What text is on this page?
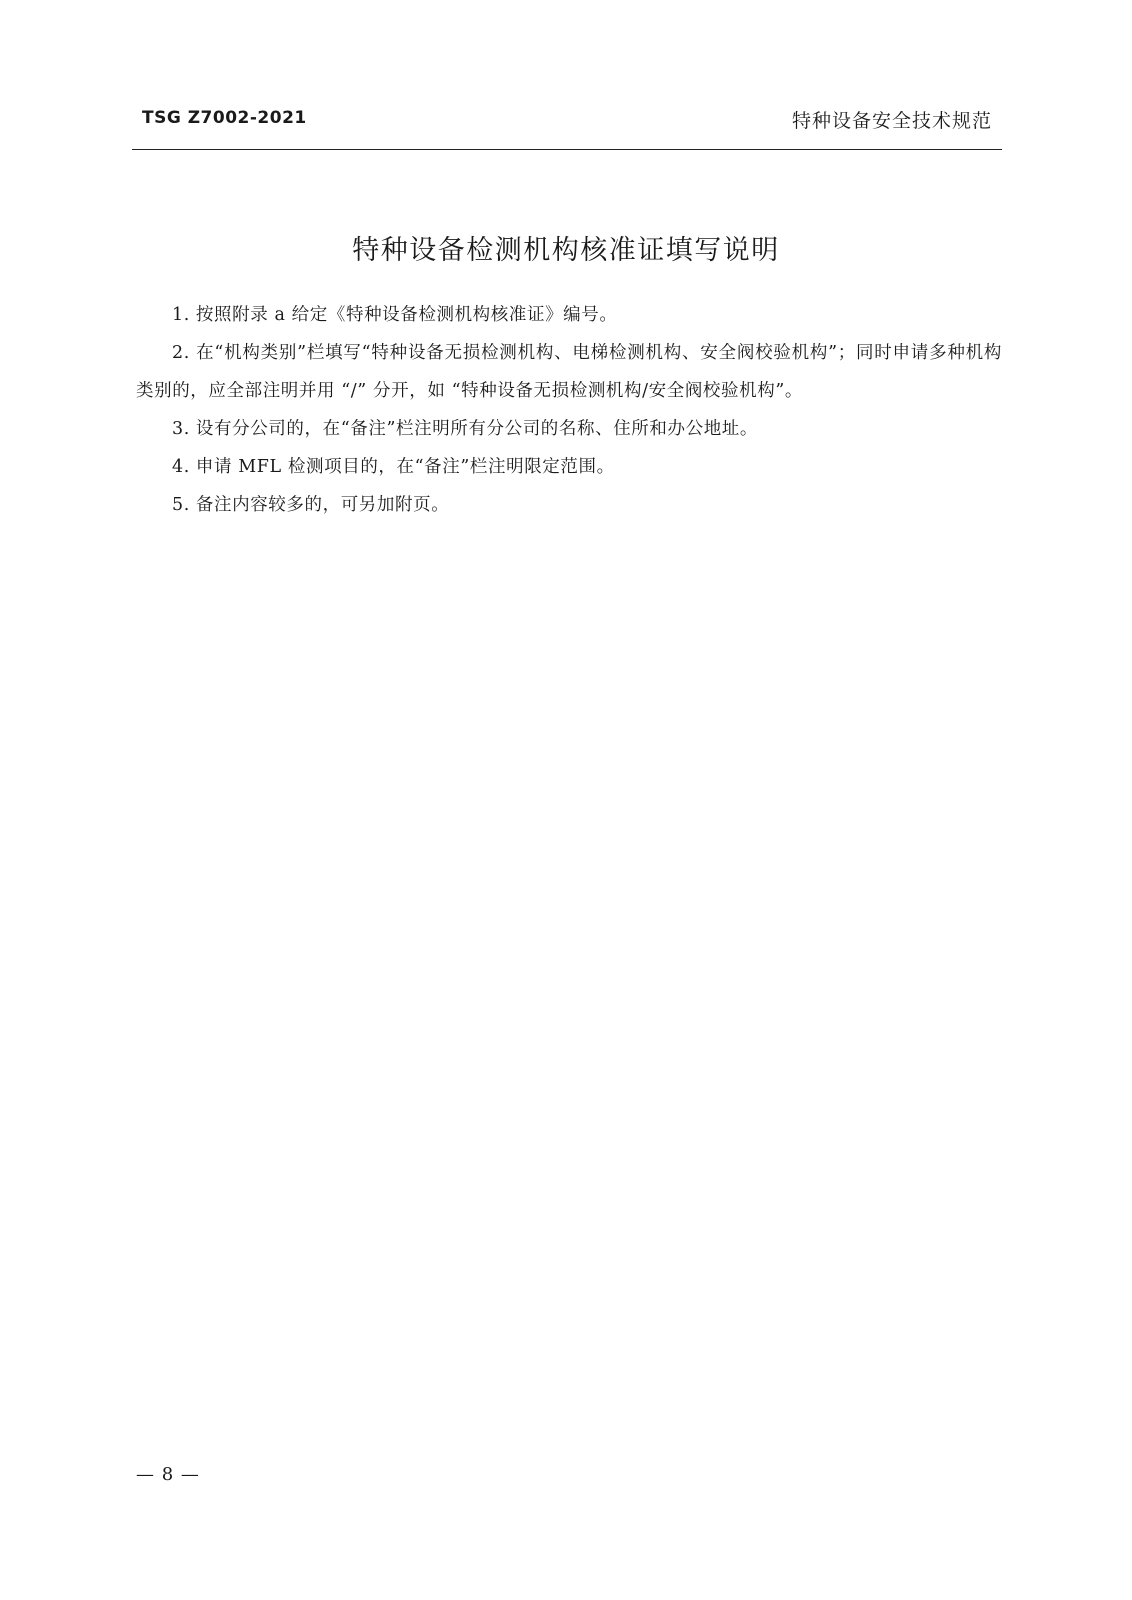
TSG Z7002-2021	特种设备安全技术规范
特种设备检测机构核准证填写说明

1. 按照附录 a 给定《特种设备检测机构核准证》编号。

2. 在“机构类别”栏填写“特种设备无损检测机构、电梯检测机构、安全阀校验机构”；同时申请多种机构类别的，应全部注明并用 “/” 分开，如 “特种设备无损检测机构/安全阀校验机构”。

3. 设有分公司的，在“备注”栏注明所有分公司的名称、住所和办公地址。

4. 申请 MFL 检测项目的，在“备注”栏注明限定范围。

5. 备注内容较多的，可另加附页。

— 8 —
